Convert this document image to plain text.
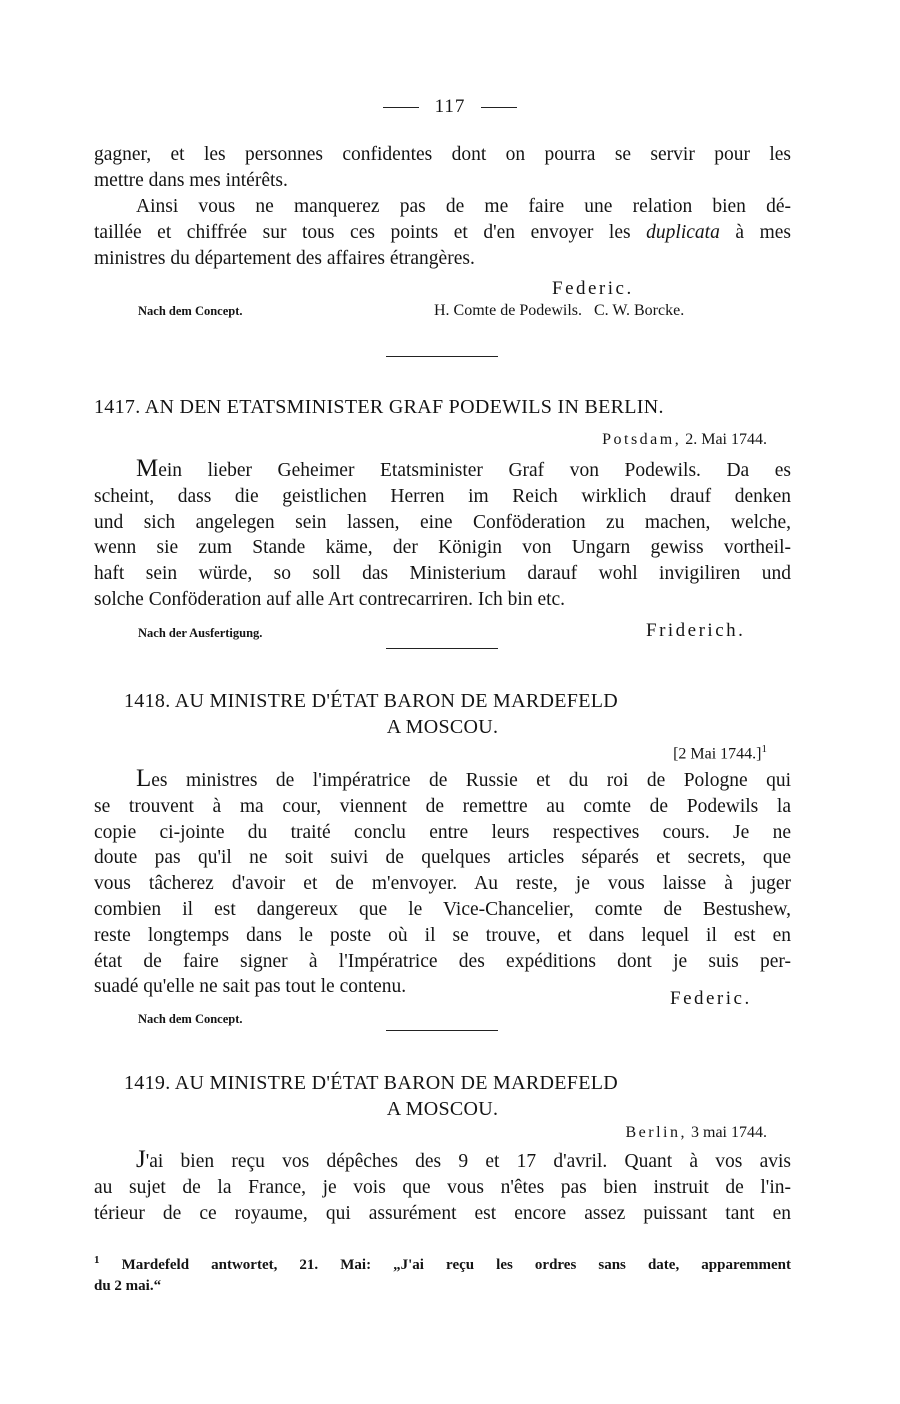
117
gagner, et les personnes confidentes dont on pourra se servir pour les
mettre dans mes intérêts.
Ainsi vous ne manquerez pas de me faire une relation bien dé-
taillée et chiffrée sur tous ces points et d'en envoyer les duplicata à mes
ministres du département des affaires étrangères.
Federic.
Nach dem Concept.	H. Comte de Podewils.   C. W. Borcke.
1417. AN DEN ETATSMINISTER GRAF PODEWILS IN BERLIN.
Potsdam, 2. Mai 1744.
Mein lieber Geheimer Etatsminister Graf von Podewils. Da es
scheint, dass die geistlichen Herren im Reich wirklich drauf denken
und sich angelegen sein lassen, eine Conföderation zu machen, welche,
wenn sie zum Stande käme, der Königin von Ungarn gewiss vortheil-
haft sein würde, so soll das Ministerium darauf wohl invigiliren und
solche Conföderation auf alle Art contrecarriren. Ich bin etc.
Nach der Ausfertigung.	Friderich.
1418. AU MINISTRE D'ÉTAT BARON DE MARDEFELD
A MOSCOU.
[2 Mai 1744.]$^1$
Les ministres de l'impératrice de Russie et du roi de Pologne qui
se trouvent à ma cour, viennent de remettre au comte de Podewils la
copie ci-jointe du traité conclu entre leurs respectives cours. Je ne
doute pas qu'il ne soit suivi de quelques articles séparés et secrets, que
vous tâcherez d'avoir et de m'envoyer. Au reste, je vous laisse à juger
combien il est dangereux que le Vice-Chancelier, comte de Bestushew,
reste longtemps dans le poste où il se trouve, et dans lequel il est en
état de faire signer à l'Impératrice des expéditions dont je suis per-
suadé qu'elle ne sait pas tout le contenu.
Federic.
Nach dem Concept.
1419. AU MINISTRE D'ÉTAT BARON DE MARDEFELD
A MOSCOU.
Berlin, 3 mai 1744.
J'ai bien reçu vos dépêches des 9 et 17 d'avril. Quant à vos avis
au sujet de la France, je vois que vous n'êtes pas bien instruit de l'in-
térieur de ce royaume, qui assurément est encore assez puissant tant en
$^1$ Mardefeld antwortet, 21. Mai: „J'ai reçu les ordres sans date, apparemment
du 2 mai.“
